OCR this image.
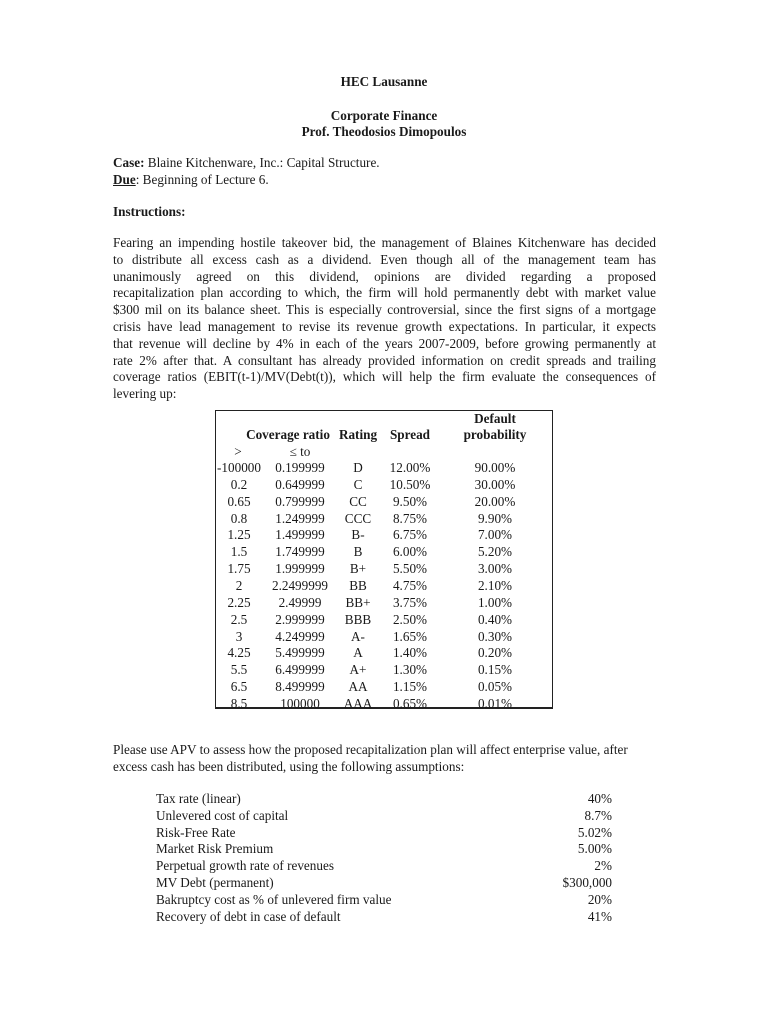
HEC Lausanne
Corporate Finance
Prof. Theodosios Dimopoulos
Case: Blaine Kitchenware, Inc.: Capital Structure.
Due: Beginning of Lecture 6.
Instructions:
Fearing an impending hostile takeover bid, the management of Blaines Kitchenware has decided
to distribute all excess cash as a dividend. Even though all of the management team has
unanimously agreed on this dividend, opinions are divided regarding a proposed
recapitalization plan according to which, the firm will hold permanently debt with market value
$300 mil on its balance sheet. This is especially controversial, since the first signs of a mortgage
crisis have lead management to revise its revenue growth expectations. In particular, it expects
that revenue will decline by 4% in each of the years 2007-2009, before growing permanently at
rate 2% after that. A consultant has already provided information on credit spreads and trailing
coverage ratios (EBIT(t-1)/MV(Debt(t)), which will help the firm evaluate the consequences of
levering up:
Coverage ratio Rating Spread
Default
probability
>	≤ to
-100000	0.199999	D	12.00%	90.00%
0.2	0.649999	C	10.50%	30.00%
0.65	0.799999	CC	9.50%	20.00%
0.8	1.249999	CCC	8.75%	9.90%
1.25	1.499999	B-	6.75%	7.00%
1.5	1.749999	B	6.00%	5.20%
1.75	1.999999	B+	5.50%	3.00%
2	2.2499999	BB	4.75%	2.10%
2.25	2.49999	BB+	3.75%	1.00%
2.5	2.999999	BBB	2.50%	0.40%
3	4.249999	A-	1.65%	0.30%
4.25	5.499999	A	1.40%	0.20%
5.5	6.499999	A+	1.30%	0.15%
6.5	8.499999	AA	1.15%	0.05%
8.5	100000	AAA	0.65%	0.01%
Please use APV to assess how the proposed recapitalization plan will affect enterprise value, after
excess cash has been distributed, using the following assumptions:
Tax rate (linear)	40%
Unlevered cost of capital	8.7%
Risk-Free Rate	5.02%
Market Risk Premium	5.00%
Perpetual growth rate of revenues	2%
MV Debt (permanent)	$300,000
Bakruptcy cost as % of unlevered firm value	20%
Recovery of debt in case of default	41%
